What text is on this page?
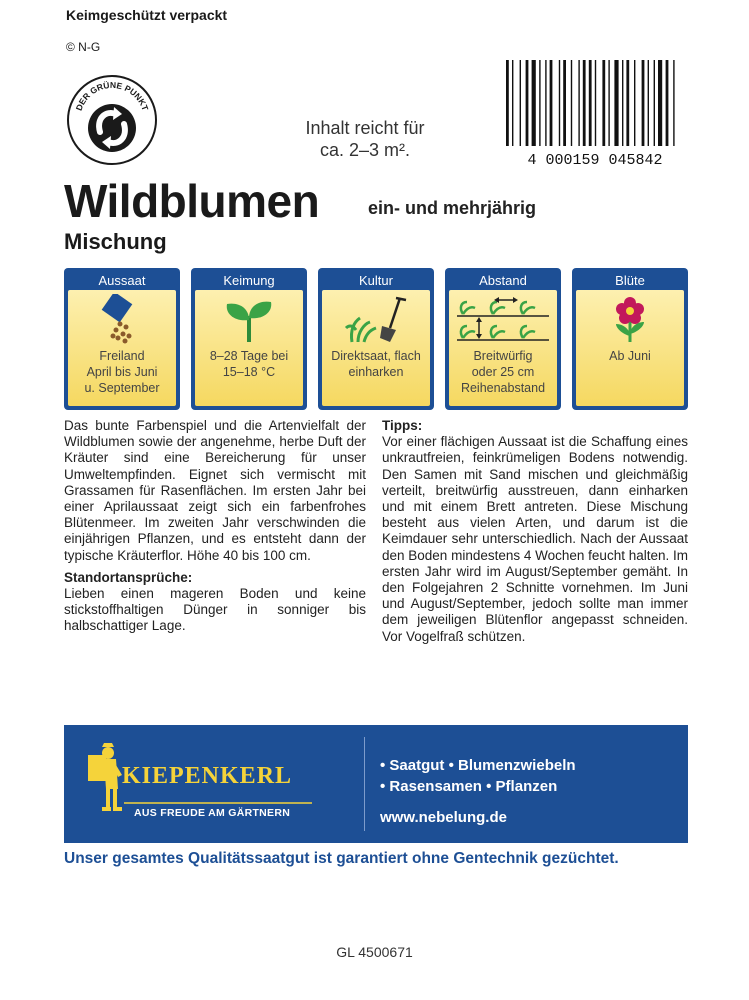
Keimgeschützt verpackt
© N-G
DER GRÜNE PUNKT
4 000159 045842
Inhalt reicht für
ca. 2–3 m².
Wildblumen	ein- und mehrjährig
Mischung
Aussaat
Freiland
April bis Juni
u. September
Keimung
8–28 Tage bei
15–18 °C
Kultur
Direktsaat, flach
einharken
Abstand
Breitwürfig
oder 25 cm
Reihenabstand
Blüte
Ab Juni

Das bunte Farbenspiel und die Artenvielfalt der Wildblumen sowie der angenehme, herbe Duft der Kräuter sind eine Bereicherung für unser Umweltempfinden. Eignet sich vermischt mit Grassamen für Rasenflächen. Im ersten Jahr bei einer Aprilaussaat zeigt sich ein farbenfrohes Blütenmeer. Im zweiten Jahr verschwinden die einjährigen Pflanzen, und es entsteht dann der typische Kräuterflor. Höhe 40 bis 100 cm.

Standortansprüche:

Lieben einen mageren Boden und keine stickstoffhaltigen Dünger in sonniger bis halbschattiger Lage.

Tipps:

Vor einer flächigen Aussaat ist die Schaffung eines unkrautfreien, feinkrümeligen Bodens notwendig. Den Samen mit Sand mischen und gleichmäßig verteilt, breitwürfig ausstreuen, dann einharken und mit einem Brett antreten. Diese Mischung besteht aus vielen Arten, und darum ist die Keimdauer sehr unterschiedlich. Nach der Aussaat den Boden mindestens 4 Wochen feucht halten. Im ersten Jahr wird im August/September gemäht. In den Folgejahren 2 Schnitte vornehmen. Im Juni und August/September, jedoch sollte man immer dem jeweiligen Blütenflor angepasst schneiden. Vor Vogelfraß schützen.

KIEPENKERL
AUS FREUDE AM GÄRTNERN
• Saatgut • Blumenzwiebeln
• Rasensamen • Pflanzen
www.nebelung.de
Unser gesamtes Qualitätssaatgut ist garantiert ohne Gentechnik gezüchtet.
GL 4500671
